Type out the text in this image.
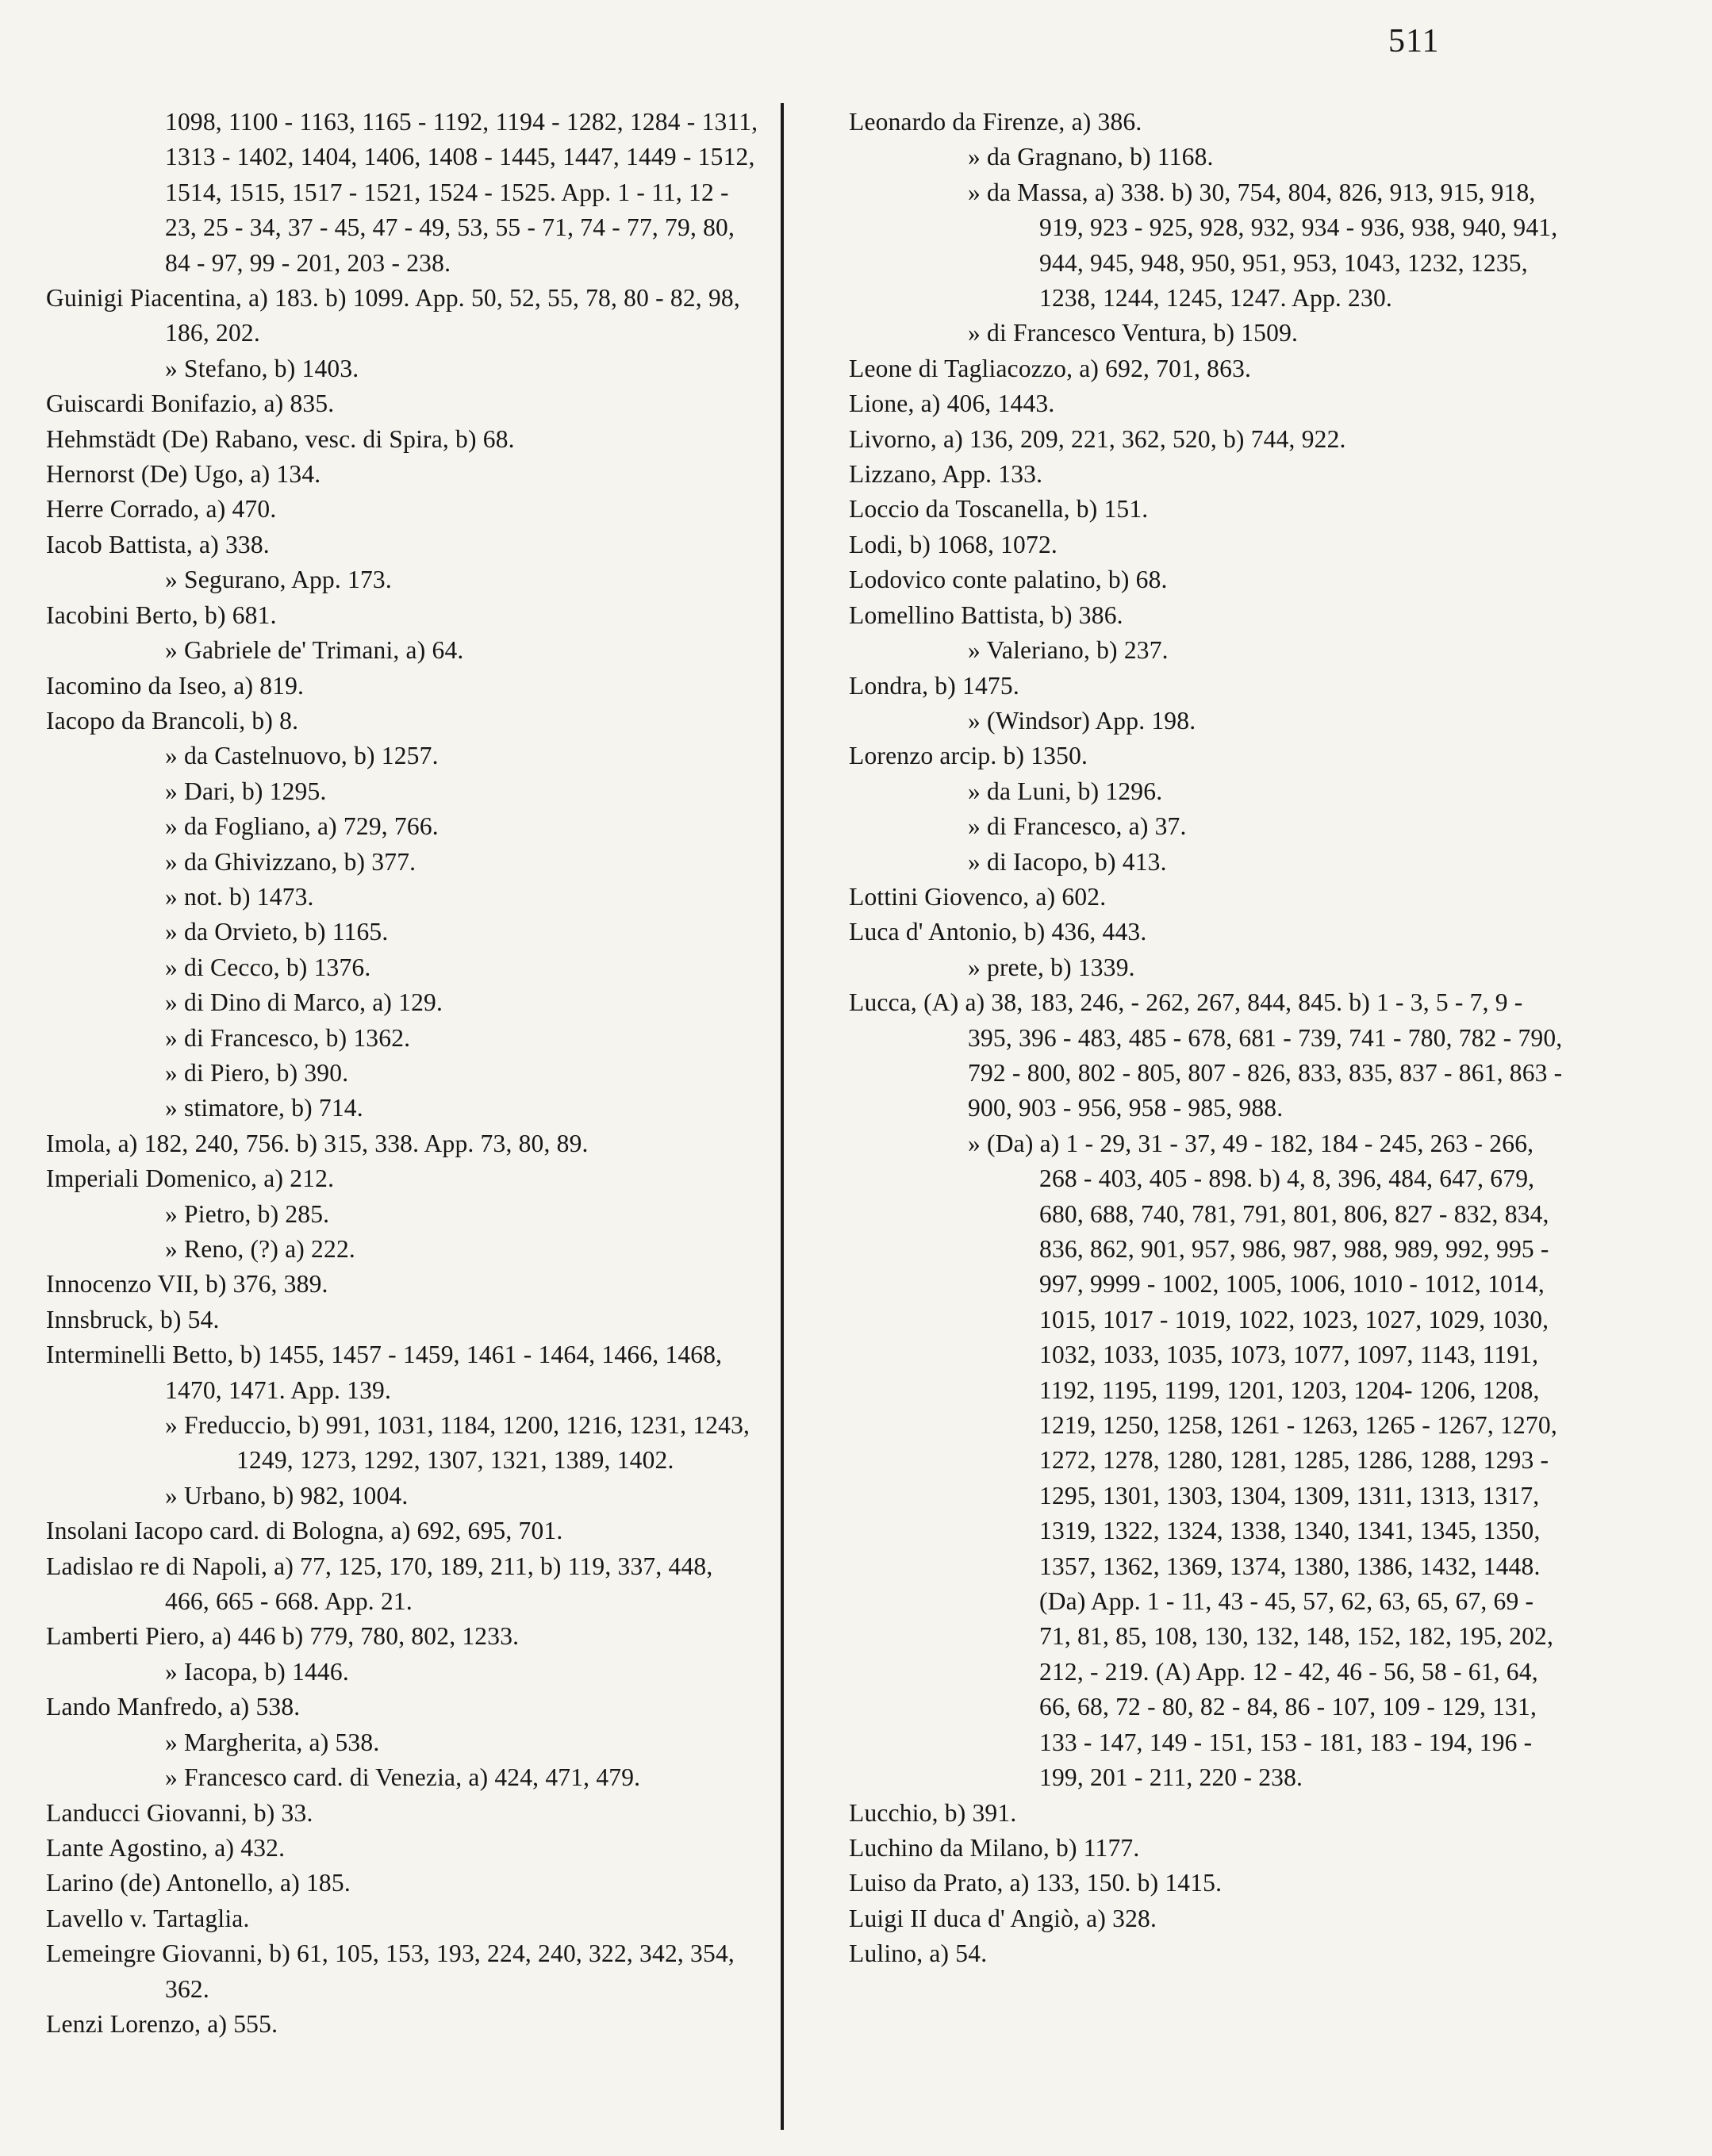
511

1098, 1100 - 1163, 1165 - 1192, 1194 - 1282, 1284 - 1311, 1313 - 1402, 1404, 1406, 1408 - 1445, 1447, 1449 - 1512, 1514, 1515, 1517 - 1521, 1524 - 1525. App. 1 - 11, 12 - 23, 25 - 34, 37 - 45, 47 - 49, 53, 55 - 71, 74 - 77, 79, 80, 84 - 97, 99 - 201, 203 - 238.

Guinigi Piacentina, a) 183. b) 1099. App. 50, 52, 55, 78, 80 - 82, 98, 186, 202.

» Stefano, b) 1403.

Guiscardi Bonifazio, a) 835.

Hehmstädt (De) Rabano, vesc. di Spira, b) 68.

Hernorst (De) Ugo, a) 134.

Herre Corrado, a) 470.

Iacob Battista, a) 338.

» Segurano, App. 173.

Iacobini Berto, b) 681.

» Gabriele de' Trimani, a) 64.

Iacomino da Iseo, a) 819.

Iacopo da Brancoli, b) 8.

» da Castelnuovo, b) 1257.

» Dari, b) 1295.

» da Fogliano, a) 729, 766.

» da Ghivizzano, b) 377.

» not. b) 1473.

» da Orvieto, b) 1165.

» di Cecco, b) 1376.

» di Dino di Marco, a) 129.

» di Francesco, b) 1362.

» di Piero, b) 390.

» stimatore, b) 714.

Imola, a) 182, 240, 756. b) 315, 338. App. 73, 80, 89.

Imperiali Domenico, a) 212.

» Pietro, b) 285.

» Reno, (?) a) 222.

Innocenzo VII, b) 376, 389.

Innsbruck, b) 54.

Interminelli Betto, b) 1455, 1457 - 1459, 1461 - 1464, 1466, 1468, 1470, 1471. App. 139.

» Freduccio, b) 991, 1031, 1184, 1200, 1216, 1231, 1243, 1249, 1273, 1292, 1307, 1321, 1389, 1402.

» Urbano, b) 982, 1004.

Insolani Iacopo card. di Bologna, a) 692, 695, 701.

Ladislao re di Napoli, a) 77, 125, 170, 189, 211, b) 119, 337, 448, 466, 665 - 668. App. 21.

Lamberti Piero, a) 446 b) 779, 780, 802, 1233.

» Iacopa, b) 1446.

Lando Manfredo, a) 538.

» Margherita, a) 538.

» Francesco card. di Venezia, a) 424, 471, 479.

Landucci Giovanni, b) 33.

Lante Agostino, a) 432.

Larino (de) Antonello, a) 185.

Lavello v. Tartaglia.

Lemeingre Giovanni, b) 61, 105, 153, 193, 224, 240, 322, 342, 354, 362.

Lenzi Lorenzo, a) 555.

Leonardo da Firenze, a) 386.

» da Gragnano, b) 1168.

» da Massa, a) 338. b) 30, 754, 804, 826, 913, 915, 918, 919, 923 - 925, 928, 932, 934 - 936, 938, 940, 941, 944, 945, 948, 950, 951, 953, 1043, 1232, 1235, 1238, 1244, 1245, 1247. App. 230.

» di Francesco Ventura, b) 1509.

Leone di Tagliacozzo, a) 692, 701, 863.

Lione, a) 406, 1443.

Livorno, a) 136, 209, 221, 362, 520, b) 744, 922.

Lizzano, App. 133.

Loccio da Toscanella, b) 151.

Lodi, b) 1068, 1072.

Lodovico conte palatino, b) 68.

Lomellino Battista, b) 386.

» Valeriano, b) 237.

Londra, b) 1475.

» (Windsor) App. 198.

Lorenzo arcip. b) 1350.

» da Luni, b) 1296.

» di Francesco, a) 37.

» di Iacopo, b) 413.

Lottini Giovenco, a) 602.

Luca d' Antonio, b) 436, 443.

» prete, b) 1339.

Lucca, (A) a) 38, 183, 246, - 262, 267, 844, 845. b) 1 - 3, 5 - 7, 9 - 395, 396 - 483, 485 - 678, 681 - 739, 741 - 780, 782 - 790, 792 - 800, 802 - 805, 807 - 826, 833, 835, 837 - 861, 863 - 900, 903 - 956, 958 - 985, 988.

» (Da) a) 1 - 29, 31 - 37, 49 - 182, 184 - 245, 263 - 266, 268 - 403, 405 - 898. b) 4, 8, 396, 484, 647, 679, 680, 688, 740, 781, 791, 801, 806, 827 - 832, 834, 836, 862, 901, 957, 986, 987, 988, 989, 992, 995 - 997, 9999 - 1002, 1005, 1006, 1010 - 1012, 1014, 1015, 1017 - 1019, 1022, 1023, 1027, 1029, 1030, 1032, 1033, 1035, 1073, 1077, 1097, 1143, 1191, 1192, 1195, 1199, 1201, 1203, 1204- 1206, 1208, 1219, 1250, 1258, 1261 - 1263, 1265 - 1267, 1270, 1272, 1278, 1280, 1281, 1285, 1286, 1288, 1293 - 1295, 1301, 1303, 1304, 1309, 1311, 1313, 1317, 1319, 1322, 1324, 1338, 1340, 1341, 1345, 1350, 1357, 1362, 1369, 1374, 1380, 1386, 1432, 1448. (Da) App. 1 - 11, 43 - 45, 57, 62, 63, 65, 67, 69 - 71, 81, 85, 108, 130, 132, 148, 152, 182, 195, 202, 212, - 219. (A) App. 12 - 42, 46 - 56, 58 - 61, 64, 66, 68, 72 - 80, 82 - 84, 86 - 107, 109 - 129, 131, 133 - 147, 149 - 151, 153 - 181, 183 - 194, 196 - 199, 201 - 211, 220 - 238.

Lucchio, b) 391.

Luchino da Milano, b) 1177.

Luiso da Prato, a) 133, 150. b) 1415.

Luigi II duca d' Angiò, a) 328.

Lulino, a) 54.
